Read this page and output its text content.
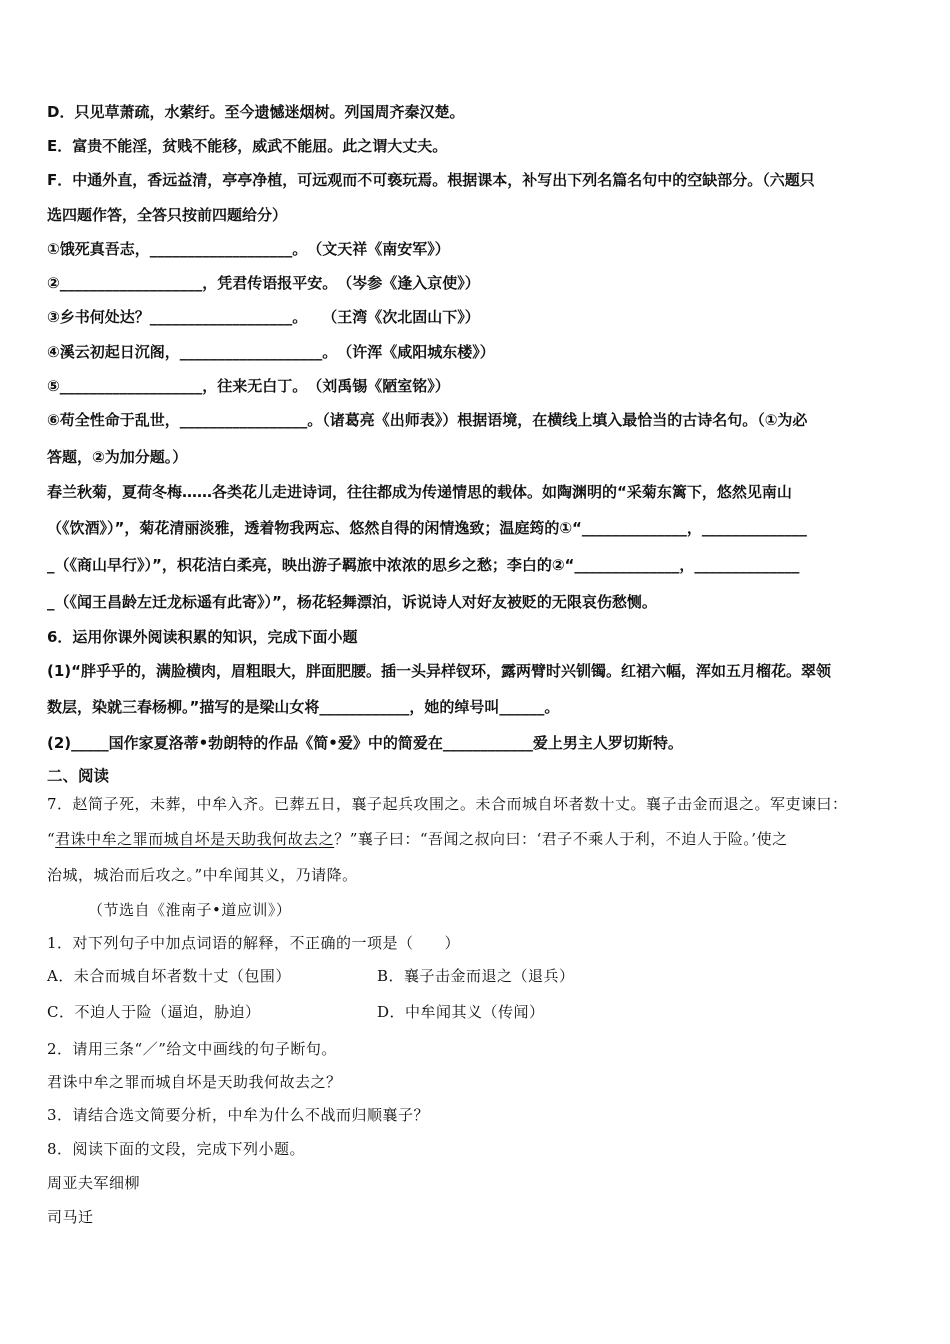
D．只见草萧疏，水萦纡。至今遗憾迷烟树。列国周齐秦汉楚。
E．富贵不能淫，贫贱不能移，威武不能屈。此之谓大丈夫。
F．中通外直，香远益清，亭亭净植，可远观而不可亵玩焉。根据课本，补写出下列名篇名句中的空缺部分。（六题只
选四题作答，全答只按前四题给分）
①饿死真吾志，___________________。　（文天祥《南安军》）
②___________________，凭君传语报平安。　（岑参《逢入京使》）
③乡书何处达？___________________。　　（王湾《次北固山下》）
④溪云初起日沉阁，___________________。　（许浑《咸阳城东楼》）
⑤___________________，往来无白丁。　（刘禹锡《陋室铭》）
⑥苟全性命于乱世，_________________。（诸葛亮《出师表》）根据语境，在横线上填入最恰当的古诗名句。（①为必
答题，②为加分题。）
春兰秋菊，夏荷冬梅……各类花儿走进诗词，往往都成为传递情思的载体。如陶渊明的“采菊东篱下，悠然见南山
（《饮酒》）”，菊花清丽淡雅，透着物我两忘、悠然自得的闲情逸致；温庭筠的①“______________，______________
_（《商山早行》）”，枳花洁白柔亮，映出游子羁旅中浓浓的思乡之愁；李白的②“______________，______________
_（《闻王昌龄左迁龙标遥有此寄》）”，杨花轻舞漂泊，诉说诗人对好友被贬的无限哀伤愁恻。
6．运用你课外阅读积累的知识，完成下面小题
(1)“胖乎乎的，满脸横肉，眉粗眼大，胖面肥腰。插一头异样钗环，露两臂时兴钏镯。红裙六幅，浑如五月榴花。翠领
数层，染就三春杨柳。”描写的是梁山女将____________，她的绰号叫______。
(2)_____国作家夏洛蒂•勃朗特的作品《简•爱》中的简爱在____________爱上男主人罗切斯特。
二、阅读
7．赵简子死，未葬，中牟入齐。已葬五日，襄子起兵攻围之。未合而城自坏者数十丈。襄子击金而退之。军吏谏曰：
“君诛中牟之罪而城自坏是天助我何故去之？”襄子曰：“吾闻之叔向曰：‘君子不乘人于利，不迫人于险。’使之
治城，城治而后攻之。”中牟闻其义，乃请降。
（节选自《淮南子•道应训》）
1．对下列句子中加点词语的解释，不正确的一项是（　　）
A．未合而城自坏者数十丈（包围）	B．襄子击金而退之（退兵）
C．不迫人于险（逼迫，胁迫）	D．中牟闻其义（传闻）
2．请用三条“／”给文中画线的句子断句。
君诛中牟之罪而城自坏是天助我何故去之？
3．请结合选文简要分析，中牟为什么不战而归顺襄子？
8．阅读下面的文段，完成下列小题。
周亚夫军细柳
司马迁
